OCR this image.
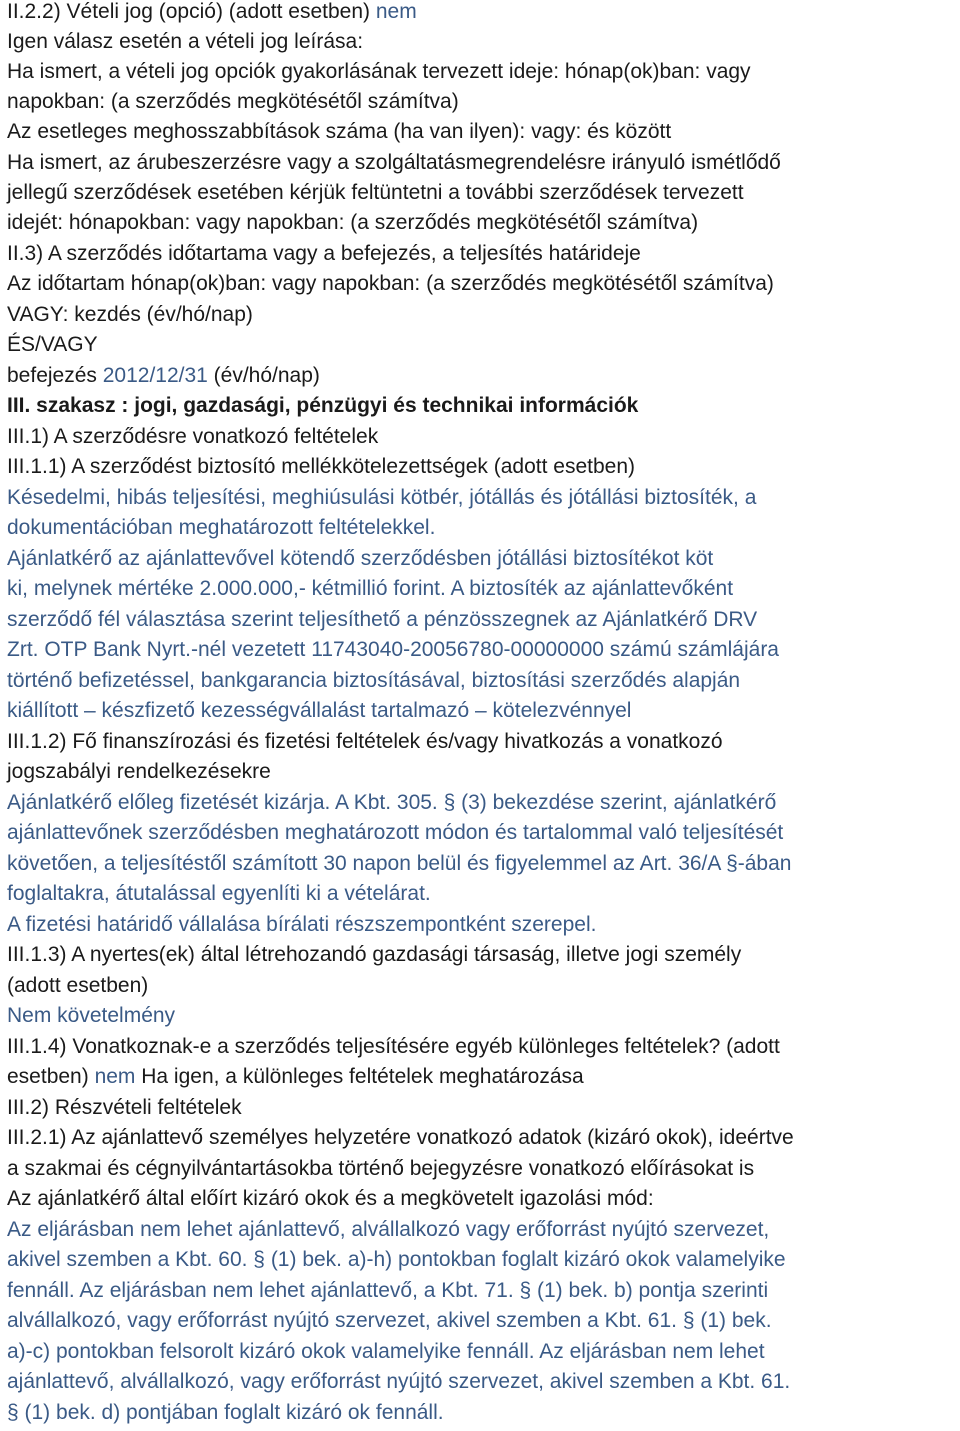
II.2.2) Vételi jog (opció) (adott esetben) nem
Igen válasz esetén a vételi jog leírása:
Ha ismert, a vételi jog opciók gyakorlásának tervezett ideje: hónap(ok)ban: vagy
napokban: (a szerződés megkötésétől számítva)
Az esetleges meghosszabbítások száma (ha van ilyen): vagy: és között
Ha ismert, az árubeszerzésre vagy a szolgáltatásmegrendelésre irányuló ismétlődő
jellegű szerződések esetében kérjük feltüntetni a további szerződések tervezett
idejét: hónapokban: vagy napokban: (a szerződés megkötésétől számítva)
II.3) A szerződés időtartama vagy a befejezés, a teljesítés határideje
Az időtartam hónap(ok)ban: vagy napokban: (a szerződés megkötésétől számítva)
VAGY: kezdés (év/hó/nap)
ÉS/VAGY
befejezés 2012/12/31 (év/hó/nap)
III. szakasz : jogi, gazdasági, pénzügyi és technikai információk
III.1) A szerződésre vonatkozó feltételek
III.1.1) A szerződést biztosító mellékkötelezettségek (adott esetben)
Késedelmi, hibás teljesítési, meghiúsulási kötbér, jótállás és jótállási biztosíték, a
dokumentációban meghatározott feltételekkel.
Ajánlatkérő az ajánlattevővel kötendő szerződésben jótállási biztosítékot köt
ki, melynek mértéke 2.000.000,- kétmillió forint. A biztosíték az ajánlattevőként
szerződő fél választása szerint teljesíthető a pénzösszegnek az Ajánlatkérő DRV
Zrt. OTP Bank Nyrt.-nél vezetett 11743040-20056780-00000000 számú számlájára
történő befizetéssel, bankgarancia biztosításával, biztosítási szerződés alapján
kiállított – készfizető kezességvállalást tartalmazó – kötelezvénnyel
III.1.2) Fő finanszírozási és fizetési feltételek és/vagy hivatkozás a vonatkozó
jogszabályi rendelkezésekre
Ajánlatkérő előleg fizetését kizárja. A Kbt. 305. § (3) bekezdése szerint, ajánlatkérő
ajánlattevőnek szerződésben meghatározott módon és tartalommal való teljesítését
követően, a teljesítéstől számított 30 napon belül és figyelemmel az Art. 36/A §-ában
foglaltakra, átutalással egyenlíti ki a vételárat.
A fizetési határidő vállalása bírálati részszempontként szerepel.
III.1.3) A nyertes(ek) által létrehozandó gazdasági társaság, illetve jogi személy
(adott esetben)
Nem követelmény
III.1.4) Vonatkoznak-e a szerződés teljesítésére egyéb különleges feltételek? (adott
esetben) nem Ha igen, a különleges feltételek meghatározása
III.2) Részvételi feltételek
III.2.1) Az ajánlattevő személyes helyzetére vonatkozó adatok (kizáró okok), ideértve
a szakmai és cégnyilvántartásokba történő bejegyzésre vonatkozó előírásokat is
Az ajánlatkérő által előírt kizáró okok és a megkövetelt igazolási mód:
Az eljárásban nem lehet ajánlattevő, alvállalkozó vagy erőforrást nyújtó szervezet,
akivel szemben a Kbt. 60. § (1) bek. a)-h) pontokban foglalt kizáró okok valamelyike
fennáll. Az eljárásban nem lehet ajánlattevő, a Kbt. 71. § (1) bek. b) pontja szerinti
alvállalkozó, vagy erőforrást nyújtó szervezet, akivel szemben a Kbt. 61. § (1) bek.
a)-c) pontokban felsorolt kizáró okok valamelyike fennáll. Az eljárásban nem lehet
ajánlattevő, alvállalkozó, vagy erőforrást nyújtó szervezet, akivel szemben a Kbt. 61.
§ (1) bek. d) pontjában foglalt kizáró ok fennáll.
